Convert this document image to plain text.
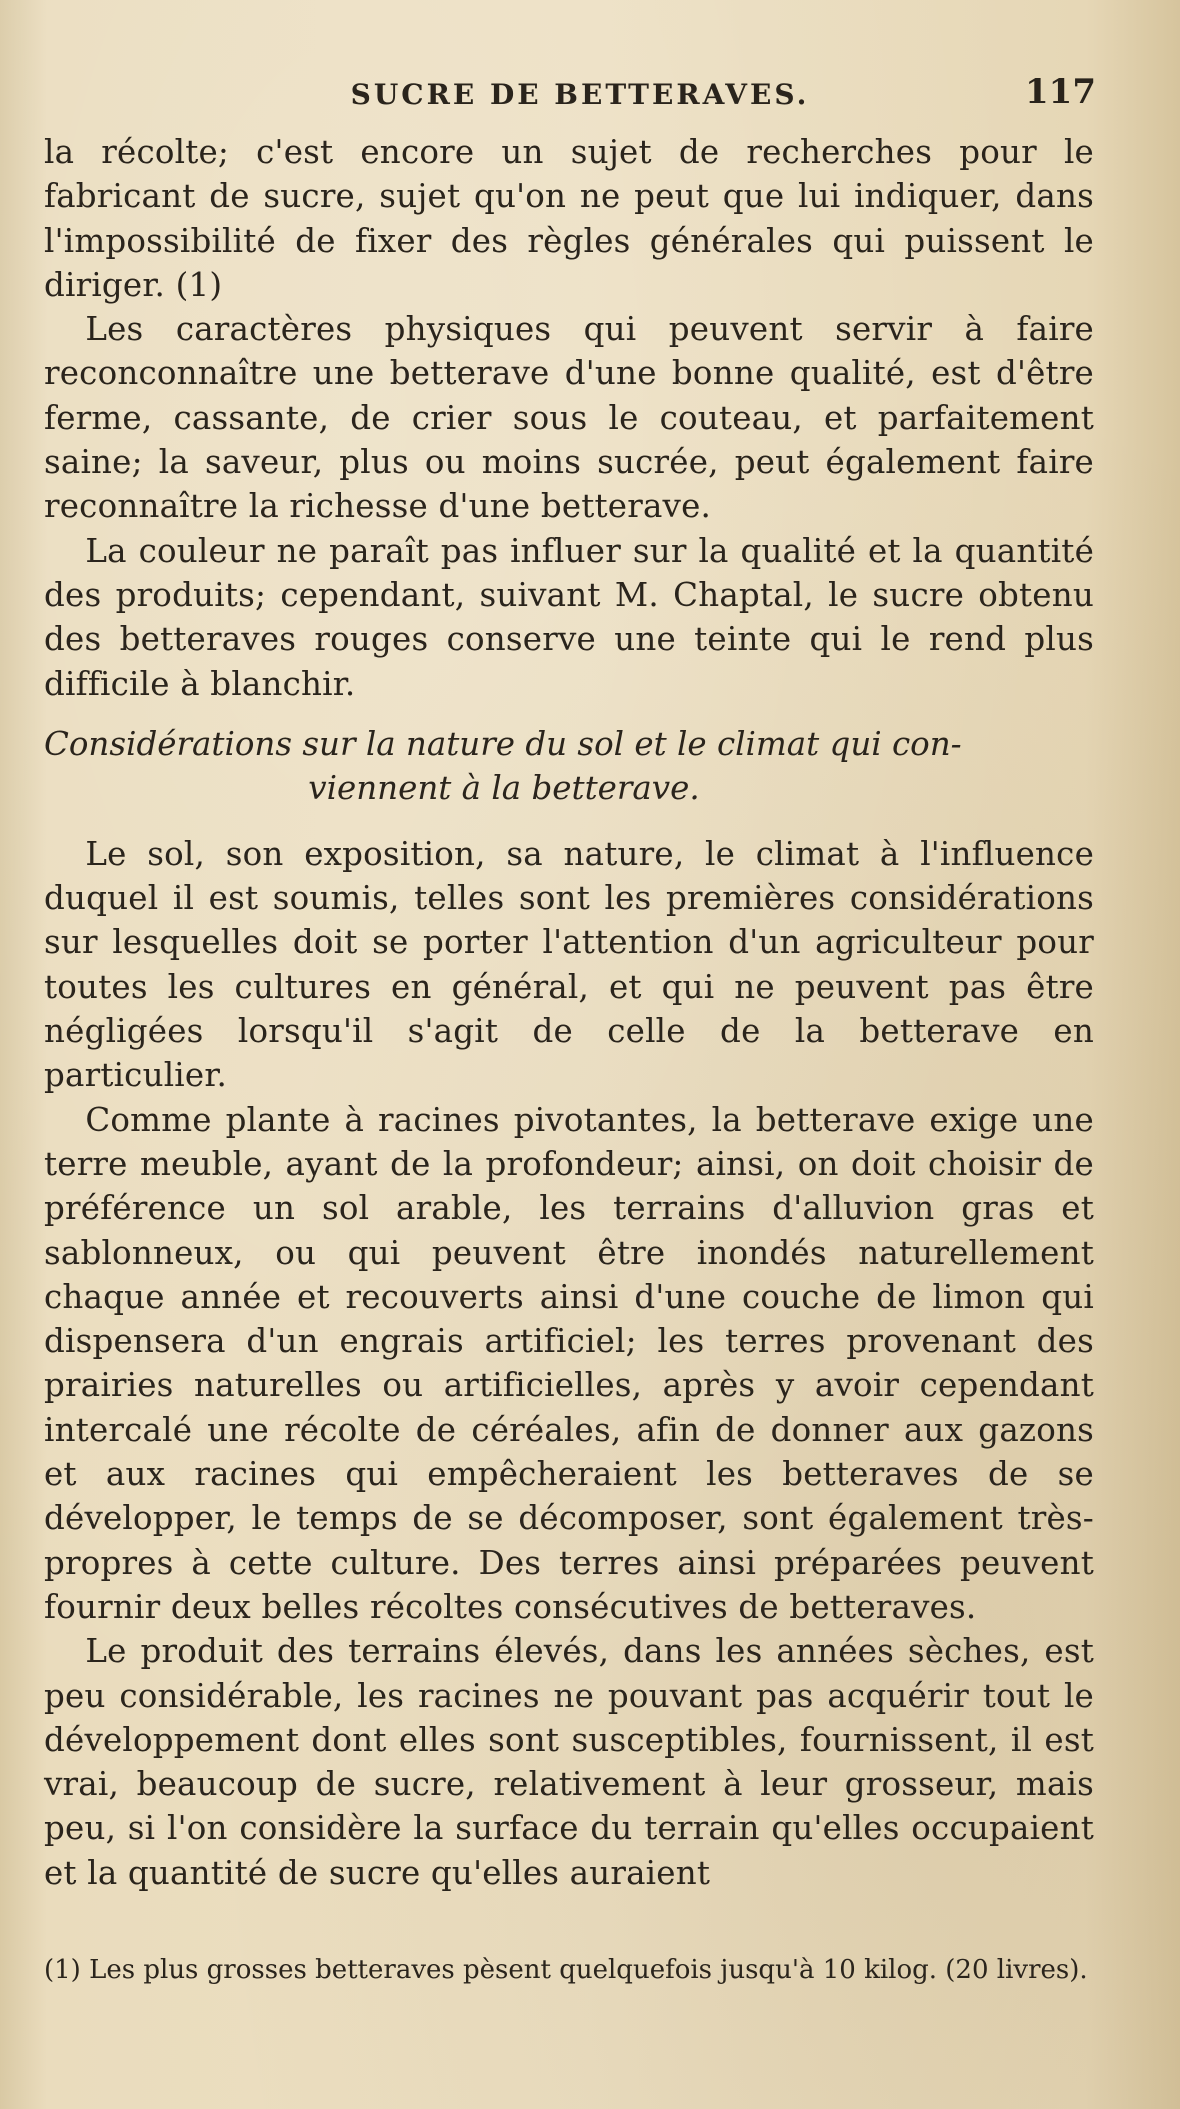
SUCRE DE BETTERAVES.	117

la récolte; c'est encore un sujet de recherches pour le fabricant de sucre, sujet qu'on ne peut que lui indiquer, dans l'impossibilité de fixer des règles générales qui puissent le diriger. (1)

Les caractères physiques qui peuvent servir à faire reconconnaître une betterave d'une bonne qualité, est d'être ferme, cassante, de crier sous le couteau, et parfaitement saine; la saveur, plus ou moins sucrée, peut également faire reconnaître la richesse d'une betterave.

La couleur ne paraît pas influer sur la qualité et la quantité des produits; cependant, suivant M. Chaptal, le sucre obtenu des betteraves rouges conserve une teinte qui le rend plus difficile à blanchir.

Considérations sur la nature du sol et le climat qui con-
viennent à la betterave.

Le sol, son exposition, sa nature, le climat à l'influence duquel il est soumis, telles sont les premières considérations sur lesquelles doit se porter l'attention d'un agriculteur pour toutes les cultures en général, et qui ne peuvent pas être négligées lorsqu'il s'agit de celle de la betterave en particulier.

Comme plante à racines pivotantes, la betterave exige une terre meuble, ayant de la profondeur; ainsi, on doit choisir de préférence un sol arable, les terrains d'alluvion gras et sablonneux, ou qui peuvent être inondés naturellement chaque année et recouverts ainsi d'une couche de limon qui dispensera d'un engrais artificiel; les terres provenant des prairies naturelles ou artificielles, après y avoir cependant intercalé une récolte de céréales, afin de donner aux gazons et aux racines qui empêcheraient les betteraves de se développer, le temps de se décomposer, sont également très-propres à cette culture. Des terres ainsi préparées peuvent fournir deux belles récoltes consécutives de betteraves.

Le produit des terrains élevés, dans les années sèches, est peu considérable, les racines ne pouvant pas acquérir tout le développement dont elles sont susceptibles, fournissent, il est vrai, beaucoup de sucre, relativement à leur grosseur, mais peu, si l'on considère la surface du terrain qu'elles occupaient et la quantité de sucre qu'elles auraient

(1) Les plus grosses betteraves pèsent quelquefois jusqu'à 10 kilog. (20 livres).
